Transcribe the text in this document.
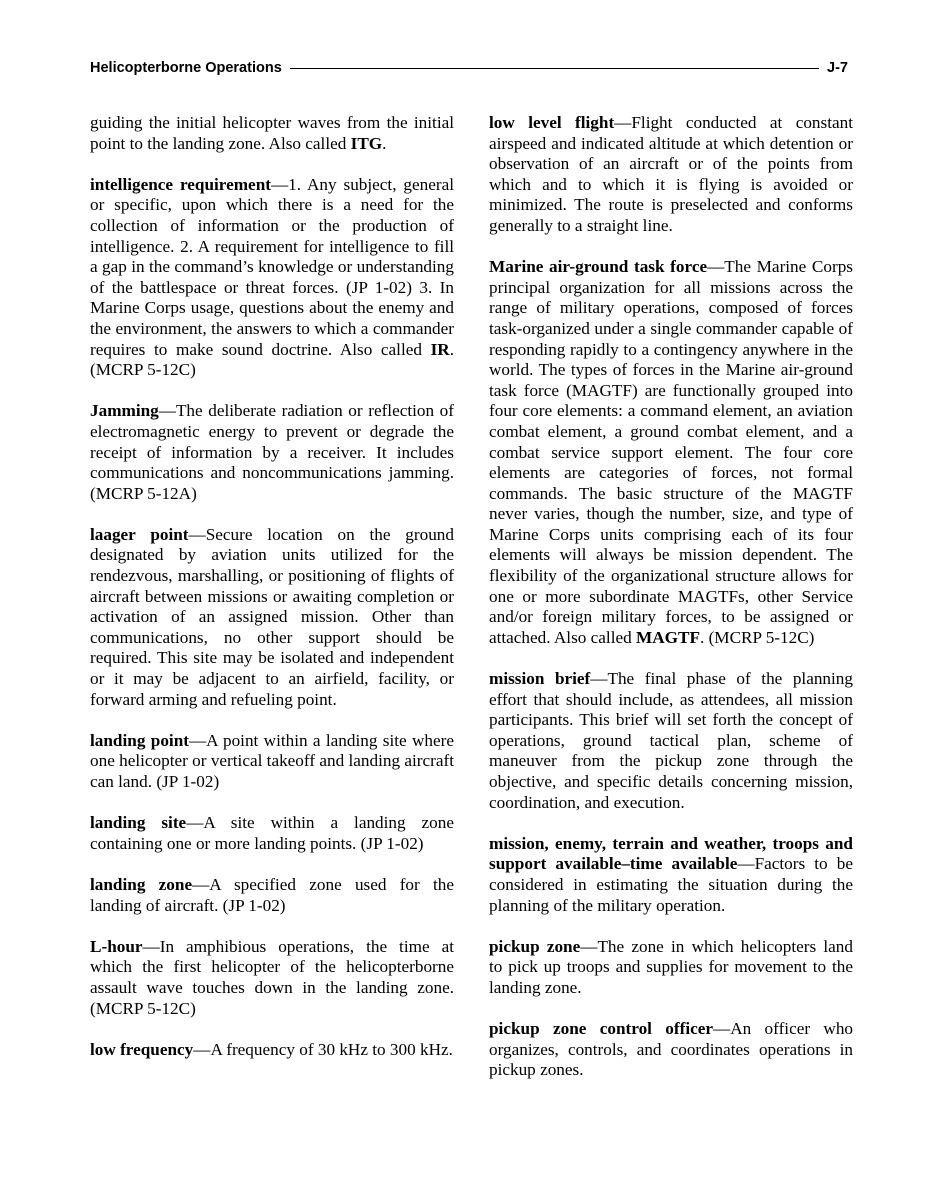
Helicopterborne Operations	J-7

guiding the initial helicopter waves from the initial point to the landing zone. Also called ITG.

intelligence requirement—1. Any subject, general or specific, upon which there is a need for the collection of information or the production of intelligence. 2. A requirement for intelligence to fill a gap in the command’s knowledge or understanding of the battlespace or threat forces. (JP 1-02) 3. In Marine Corps usage, questions about the enemy and the environment, the answers to which a commander requires to make sound doctrine. Also called IR. (MCRP 5-12C)

Jamming—The deliberate radiation or reflection of electromagnetic energy to prevent or degrade the receipt of information by a receiver. It includes communications and noncommunications jamming. (MCRP 5-12A)

laager point—Secure location on the ground designated by aviation units utilized for the rendezvous, marshalling, or positioning of flights of aircraft between missions or awaiting completion or activation of an assigned mission. Other than communications, no other support should be required. This site may be isolated and independent or it may be adjacent to an airfield, facility, or forward arming and refueling point.

landing point—A point within a landing site where one helicopter or vertical takeoff and landing aircraft can land. (JP 1-02)

landing site—A site within a landing zone containing one or more landing points. (JP 1-02)

landing zone—A specified zone used for the landing of aircraft. (JP 1-02)

L-hour—In amphibious operations, the time at which the first helicopter of the helicopterborne assault wave touches down in the landing zone. (MCRP 5-12C)

low frequency—A frequency of 30 kHz to 300 kHz.

low level flight—Flight conducted at constant airspeed and indicated altitude at which detention or observation of an aircraft or of the points from which and to which it is flying is avoided or minimized. The route is preselected and conforms generally to a straight line.

Marine air-ground task force—The Marine Corps principal organization for all missions across the range of military operations, composed of forces task-organized under a single commander capable of responding rapidly to a contingency anywhere in the world. The types of forces in the Marine air-ground task force (MAGTF) are functionally grouped into four core elements: a command element, an aviation combat element, a ground combat element, and a combat service support element. The four core elements are categories of forces, not formal commands. The basic structure of the MAGTF never varies, though the number, size, and type of Marine Corps units comprising each of its four elements will always be mission dependent. The flexibility of the organizational structure allows for one or more subordinate MAGTFs, other Service and/or foreign military forces, to be assigned or attached. Also called MAGTF. (MCRP 5-12C)

mission brief—The final phase of the planning effort that should include, as attendees, all mission participants. This brief will set forth the concept of operations, ground tactical plan, scheme of maneuver from the pickup zone through the objective, and specific details concerning mission, coordination, and execution.

mission, enemy, terrain and weather, troops and support available–time available—Factors to be considered in estimating the situation during the planning of the military operation.

pickup zone—The zone in which helicopters land to pick up troops and supplies for movement to the landing zone.

pickup zone control officer—An officer who organizes, controls, and coordinates operations in pickup zones.
